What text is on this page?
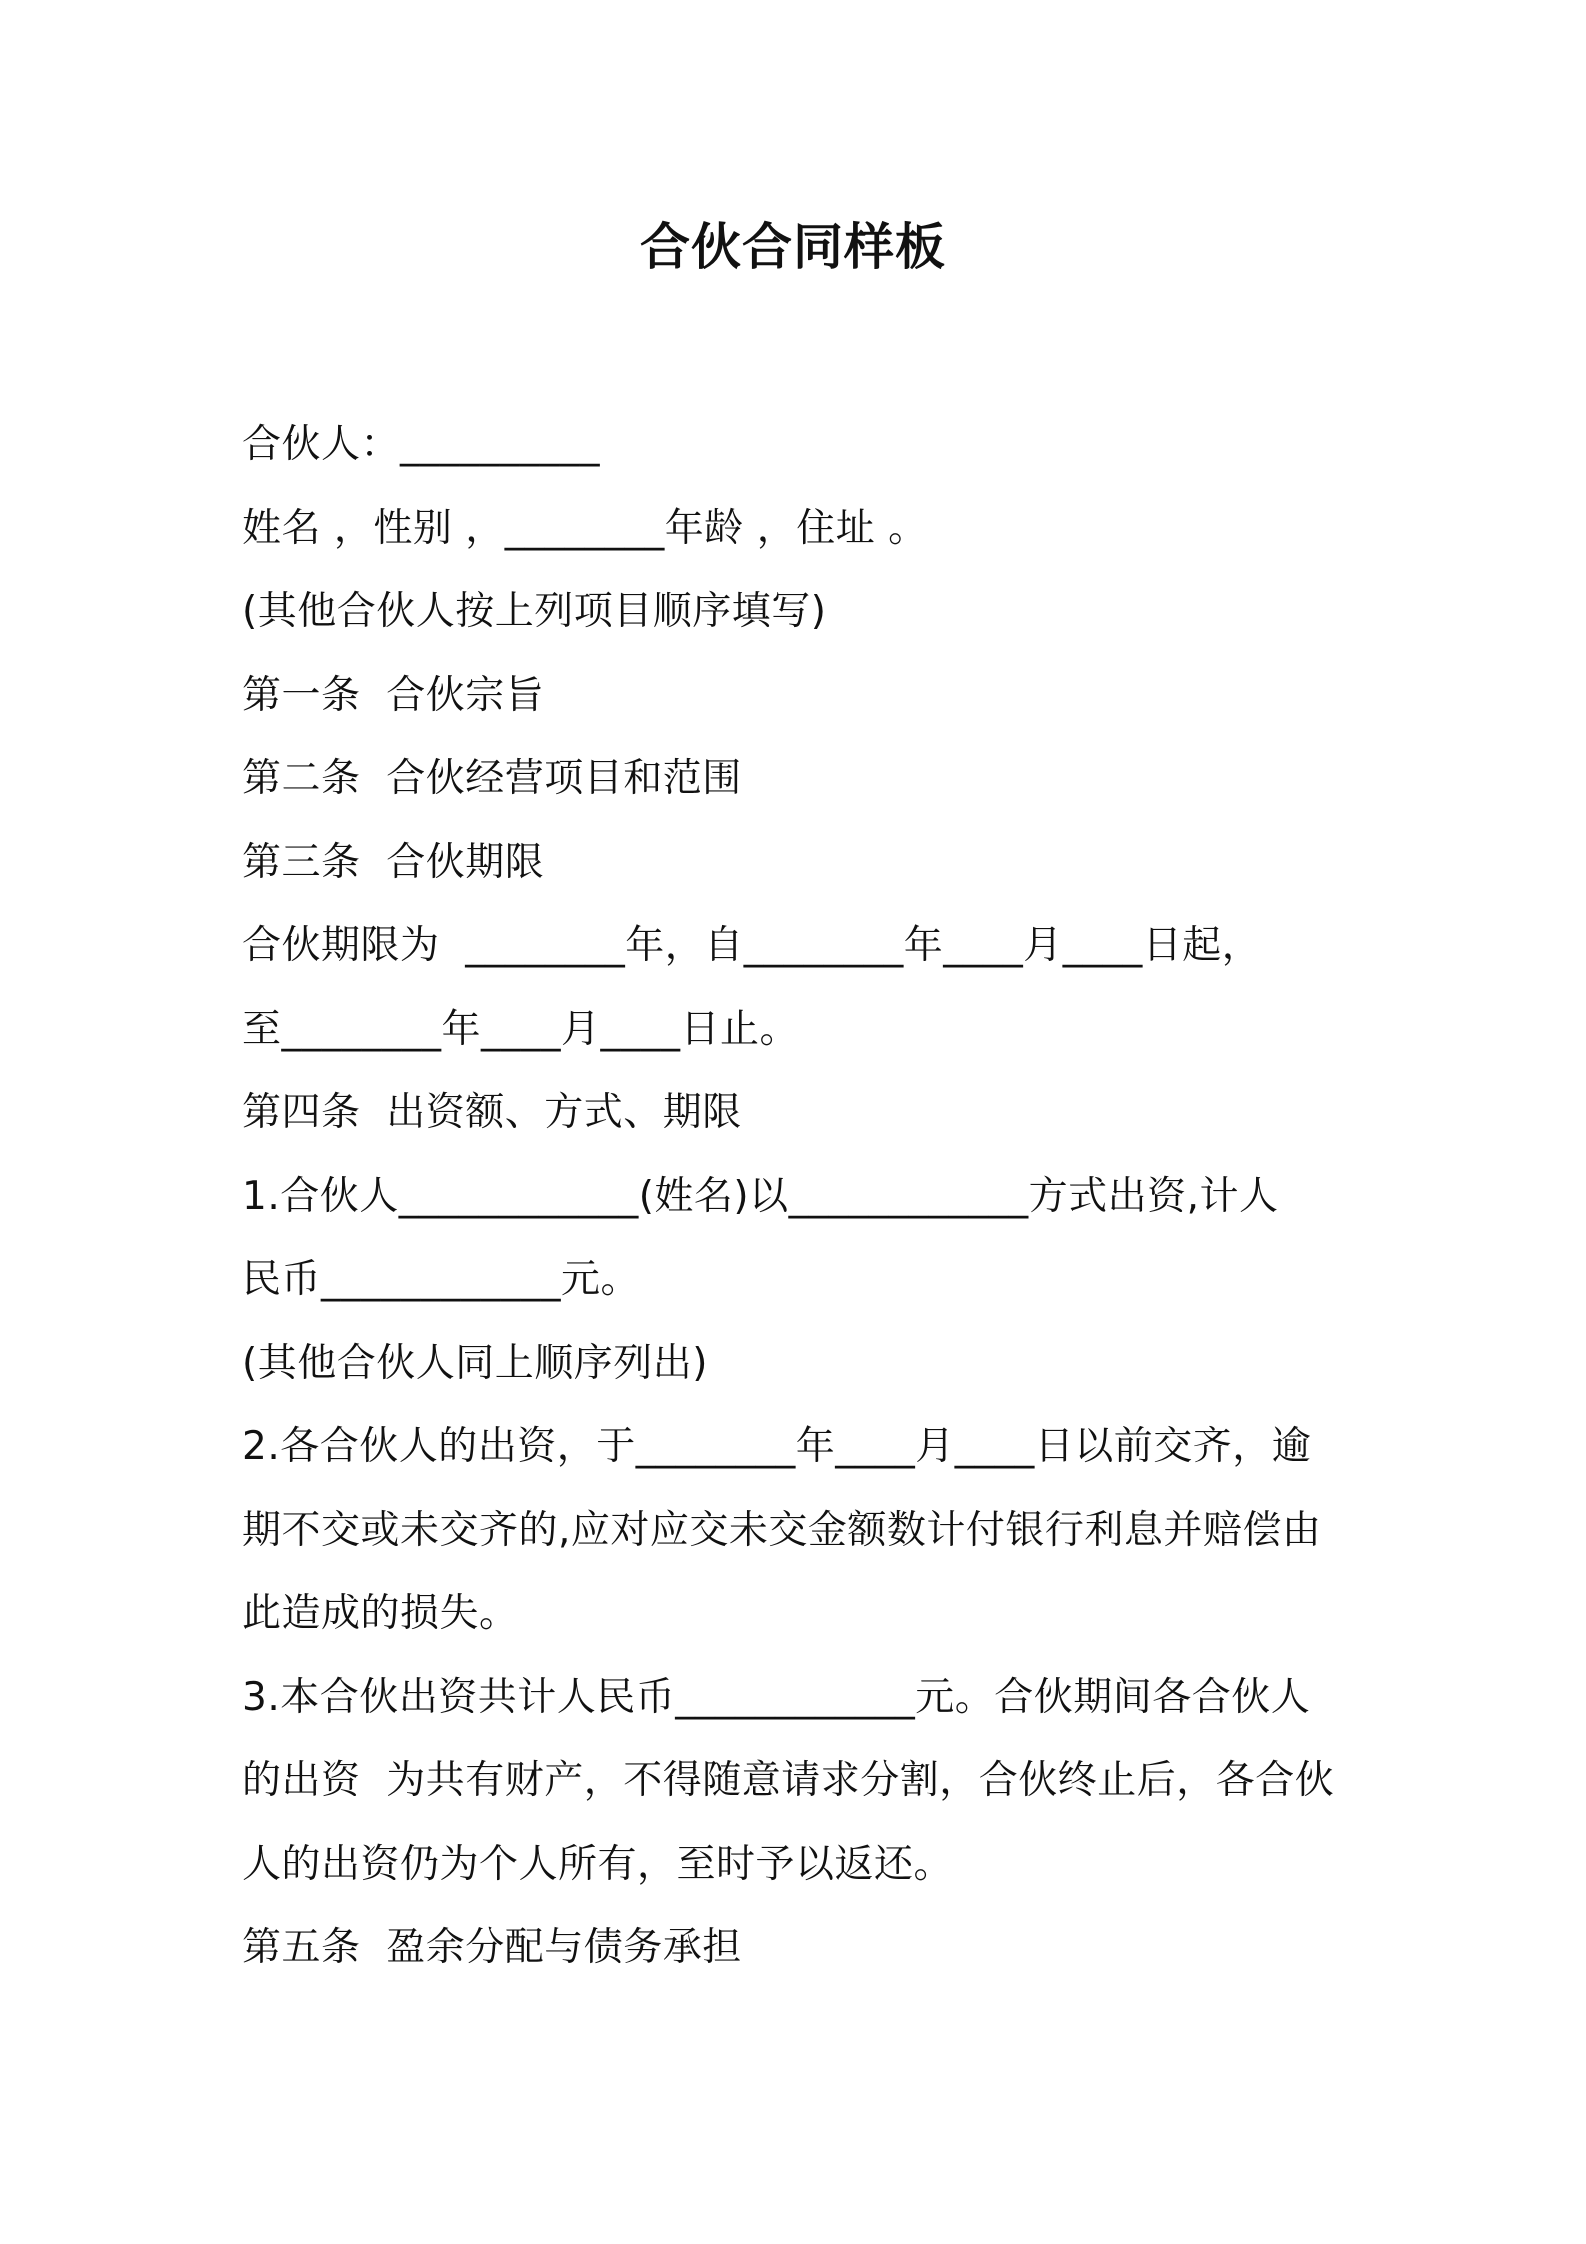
合伙合同样板
合伙人：__________
姓名 ，性别 ，________年龄 ，住址 。
(其他合伙人按上列项目顺序填写)
第一条  合伙宗旨
第二条  合伙经营项目和范围
第三条  合伙期限
合伙期限为  ________年，自________年____月____日起，
至________年____月____日止。
第四条  出资额、方式、期限
1.合伙人____________(姓名)以____________方式出资,计人
民币____________元。
(其他合伙人同上顺序列出)
2.各合伙人的出资，于________年____月____日以前交齐，逾
期不交或未交齐的,应对应交未交金额数计付银行利息并赔偿由
此造成的损失。
3.本合伙出资共计人民币____________元。合伙期间各合伙人
的出资  为共有财产，不得随意请求分割，合伙终止后，各合伙
人的出资仍为个人所有，至时予以返还。
第五条  盈余分配与债务承担
